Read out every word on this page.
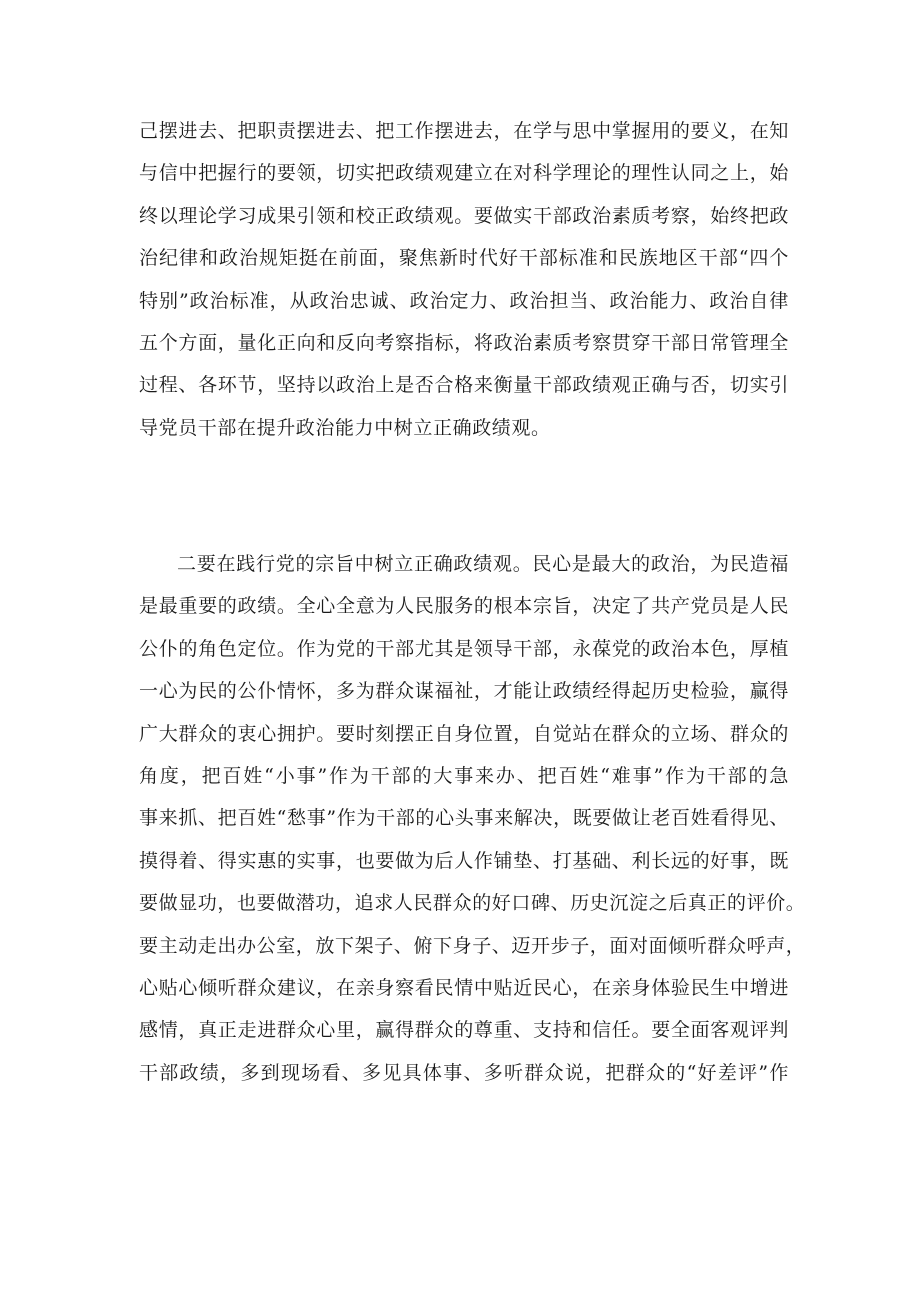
己摆进去、把职责摆进去、把工作摆进去，在学与思中掌握用的要义，在知
与信中把握行的要领，切实把政绩观建立在对科学理论的理性认同之上，始
终以理论学习成果引领和校正政绩观。要做实干部政治素质考察，始终把政
治纪律和政治规矩挺在前面，聚焦新时代好干部标准和民族地区干部“四个
特别”政治标准，从政治忠诚、政治定力、政治担当、政治能力、政治自律
五个方面，量化正向和反向考察指标，将政治素质考察贯穿干部日常管理全
过程、各环节，坚持以政治上是否合格来衡量干部政绩观正确与否，切实引
导党员干部在提升政治能力中树立正确政绩观。

二要在践行党的宗旨中树立正确政绩观。民心是最大的政治，为民造福
是最重要的政绩。全心全意为人民服务的根本宗旨，决定了共产党员是人民
公仆的角色定位。作为党的干部尤其是领导干部，永葆党的政治本色，厚植
一心为民的公仆情怀，多为群众谋福祉，才能让政绩经得起历史检验，赢得
广大群众的衷心拥护。要时刻摆正自身位置，自觉站在群众的立场、群众的
角度，把百姓“小事”作为干部的大事来办、把百姓“难事”作为干部的急
事来抓、把百姓“愁事”作为干部的心头事来解决，既要做让老百姓看得见、
摸得着、得实惠的实事，也要做为后人作铺垫、打基础、利长远的好事，既
要做显功，也要做潜功，追求人民群众的好口碑、历史沉淀之后真正的评价。
要主动走出办公室，放下架子、俯下身子、迈开步子，面对面倾听群众呼声，
心贴心倾听群众建议，在亲身察看民情中贴近民心，在亲身体验民生中增进
感情，真正走进群众心里，赢得群众的尊重、支持和信任。要全面客观评判
干部政绩，多到现场看、多见具体事、多听群众说，把群众的“好差评”作
